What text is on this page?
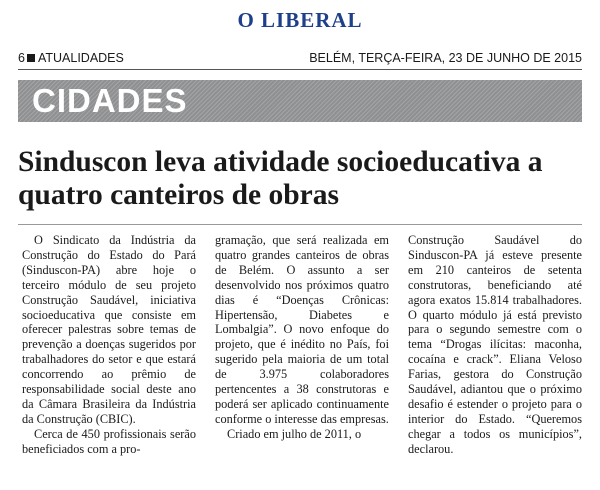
O LIBERAL
6 ATUALIDADES	BELÉM, TERÇA-FEIRA, 23 DE JUNHO DE 2015
CIDADES
Sinduscon leva atividade socioeducativa a quatro canteiros de obras

O Sindicato da Indústria da Construção do Estado do Pará (Sinduscon-PA) abre hoje o terceiro módulo de seu projeto Construção Saudável, iniciativa socioeducativa que consiste em oferecer palestras sobre temas de prevenção a doenças sugeridos por trabalhadores do setor e que estará concorrendo ao prêmio de responsabilidade social deste ano da Câmara Brasileira da Indústria da Construção (CBIC).

Cerca de 450 profissionais serão beneficiados com a pro-

gramação, que será realizada em quatro grandes canteiros de obras de Belém. O assunto a ser desenvolvido nos próximos quatro dias é “Doenças Crônicas: Hipertensão, Diabetes e Lombalgia”. O novo enfoque do projeto, que é inédito no País, foi sugerido pela maioria de um total de 3.975 colaboradores pertencentes a 38 construtoras e poderá ser aplicado continuamente conforme o interesse das empresas.

Criado em julho de 2011, o

Construção Saudável do Sinduscon-PA já esteve presente em 210 canteiros de setenta construtoras, beneficiando até agora exatos 15.814 trabalhadores. O quarto módulo já está previsto para o segundo semestre com o tema “Drogas ilícitas: maconha, cocaína e crack”. Eliana Veloso Farias, gestora do Construção Saudável, adiantou que o próximo desafio é estender o projeto para o interior do Estado. “Queremos chegar a todos os municípios”, declarou.
